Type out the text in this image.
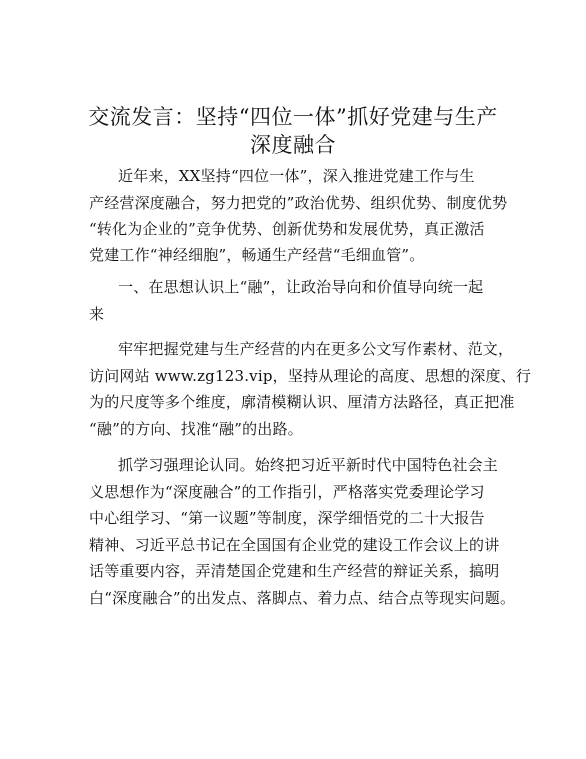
交流发言：坚持“四位一体”抓好党建与生产
深度融合
近年来，XX坚持“四位一体”，深入推进党建工作与生
产经营深度融合，努力把党的”政治优势、组织优势、制度优势
“转化为企业的”竞争优势、创新优势和发展优势，真正激活
党建工作“神经细胞”，畅通生产经营“毛细血管”。
一、在思想认识上“融”，让政治导向和价值导向统一起
来
牢牢把握党建与生产经营的内在更多公文写作素材、范文，
访问网站 www.zg123.vip，坚持从理论的高度、思想的深度、行
为的尺度等多个维度，廓清模糊认识、厘清方法路径，真正把准
“融”的方向、找准“融”的出路。
抓学习强理论认同。始终把习近平新时代中国特色社会主
义思想作为“深度融合”的工作指引，严格落实党委理论学习
中心组学习、“第一议题”等制度，深学细悟党的二十大报告
精神、习近平总书记在全国国有企业党的建设工作会议上的讲
话等重要内容，弄清楚国企党建和生产经营的辩证关系，搞明
白“深度融合”的出发点、落脚点、着力点、结合点等现实问题。
